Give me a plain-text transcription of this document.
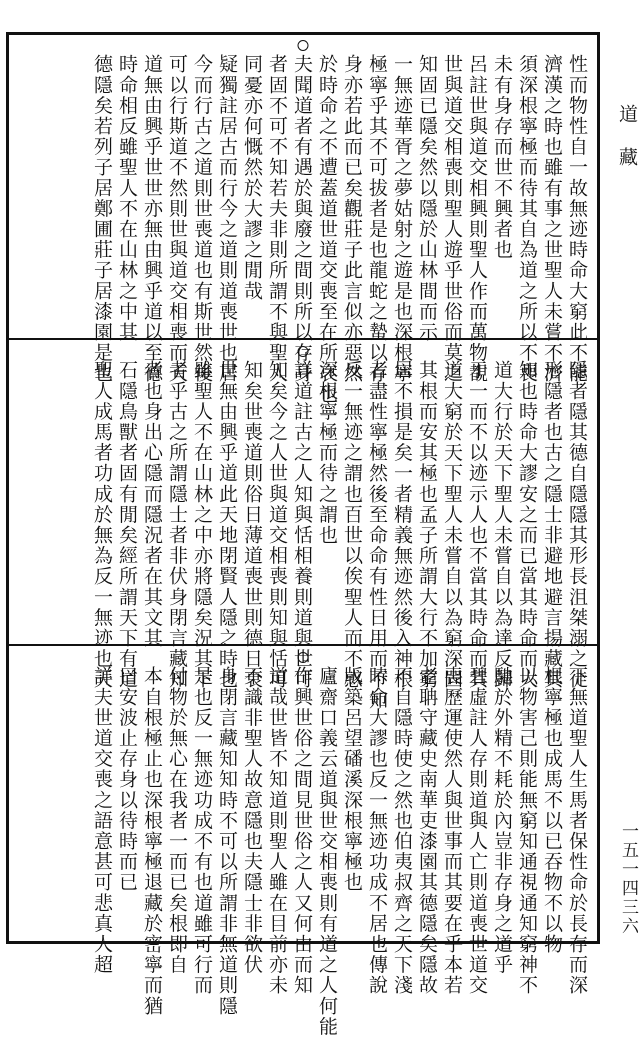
性而物性自一故無迹時命大窮此不能
濟漢之時也雖有事之世聖人未嘗不濟
須深根寧極而待其自為道之所以不喪
未有身存而世不興者也
呂註世與道交相興則聖人作而萬物覩
世與道交相喪則聖人遊乎世俗而莫之
知固已隱矣然以隱於山林間而示
一無迹華胥之夢姑射之遊是也深根寧
極寧乎其不可拔者是也龍蛇之蟄以存
身亦若此而已矣觀莊子此言似亦惡然
於時命之不遭蓋道世道交喪至在所哀也
夫聞道者有遇於與廢之間則所以存身
者固不可不知若夫非則所謂不與聖人
同憂亦何慨然於大謬之閒哉
疑獨註居古而行今之道則道喪世也居
今而行古之道則世喪道也有斯世然後
可以行斯道不然則世與道交相喪而天
道無由興乎世世亦無由興乎道以至德
時命相反雖聖人不在山林之中其
德隱矣若列子居鄭圃莊子居漆園是也
隱者隱其德自隱隱其形長沮桀溺之徒
形隱者也古之隱士非避地避言揚藏其
知也時命大謬安之而已當其時命而大
道大行於天下聖人未嘗自以為達反歸
于一而不以迹示人也不當其時命而其
道大窮於天下聖人未嘗自以為窮深固
其根而安其極也孟子所謂大行不加窮
居不損是矣一者精義無迹然後入神根
者盡性寧極然後至命命有性日用而不知
反一無迹之謂也百世以俟聖人而不惑
深根寧極而待之謂也
詳道註古之人知與恬相養則道與世可
知矣今之人世與道交相喪則知與恬可
知矣世喪道則俗日薄道喪世則德日衰
世無由興乎道此天地閉賢人隱之時也
雖聖人不在山林之中亦將隱矣況其下
者乎古之所謂隱士者非伏身閉言藏知
者也身出心隱而隱況者在其文其
石隱鳥獸者固有閒矣經所謂天下有道
聖人成馬者功成於無為反一無迹也天
下無道聖人生馬者保性命於長存而深
根寧極也成馬不以已吞物不以物
以物害己則能無窮知通視通知窮神不
馳於外精不耗於內豈非存身之道乎
碧虛註人存則道與人亡則道喪世道交
喪歷運使然人與世事而其要在乎本若
老聃守藏史南華吏漆園其德隱矣隱故
不自隱時使之然也伯夷叔齊之天下淺
時命大謬也反一無迹功成不居也傳說
版築呂望磻溪深根寧極也
廬齋口義云道與世交相喪則有道之人何能
作興世俗之間見世俗之人又何由而知
道哉世皆不知道則聖人雖在目前亦未
不識非聖人故意隱也夫隱士非欲伏
身閉言藏知知時不可以所謂非無道則隱
是也反一無迹功成不有也道雖可行而
付物於無心在我者一而已矣根即自
本自根極止也深根寧極退藏於密寧而猶
曰安波止存身以待時而已
詳夫世道交喪之語意甚可悲真人超
道藏
一五一四三六
